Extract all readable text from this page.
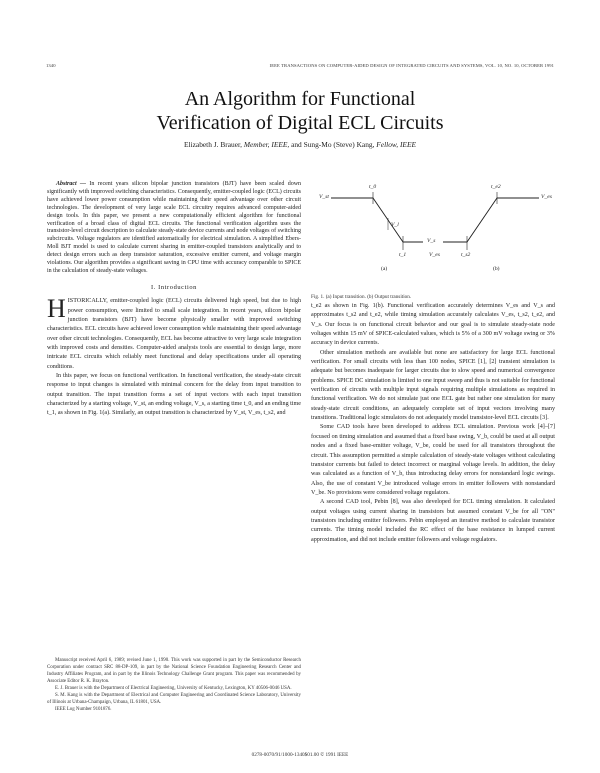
1340	IEEE TRANSACTIONS ON COMPUTER-AIDED DESIGN OF INTEGRATED CIRCUITS AND SYSTEMS, VOL. 10, NO. 10, OCTOBER 1991
An Algorithm for Functional
Verification of Digital ECL Circuits
Elizabeth J. Brauer, Member, IEEE, and Sung-Mo (Steve) Kang, Fellow, IEEE

Abstract — In recent years silicon bipolar junction transistors (BJT) have been scaled down significantly with improved switching characteristics. Consequently, emitter-coupled logic (ECL) circuits have achieved lower power consumption while maintaining their speed advantage over other circuit technologies. The development of very large scale ECL circuitry requires advanced computer-aided design tools. In this paper, we present a new computationally efficient algorithm for functional verification of a broad class of digital ECL circuits. The functional verification algorithm uses the transistor-level circuit description to calculate steady-state device currents and node voltages of switching subcircuits. Voltage regulators are identified automatically for electrical simulation. A simplified Ebers-Moll BJT model is used to calculate current sharing in emitter-coupled transistors analytically and to detect design errors such as deep transistor saturation, excessive emitter current, and voltage margin violations. Our algorithm provides a significant saving in CPU time with accuracy comparable to SPICE in the calculation of steady-state voltages.

I. Introduction

H ISTORICALLY, emitter-coupled logic (ECL) circuits delivered high speed, but due to high power consumption, were limited to small scale integration. In recent years, silicon bipolar junction transistors (BJT) have become physically smaller with improved switching characteristics. ECL circuits have achieved lower consumption while maintaining their speed advantage over other circuit technologies. Consequently, ECL has become attractive to very large scale integration with improved costs and densities. Computer-aided analysis tools are essential to design large, more intricate ECL circuits which reliably meet functional and delay specifications under all operating conditions.

In this paper, we focus on functional verification. In functional verification, the steady-state circuit response to input changes is simulated with minimal concern for the delay from input transition to output transition. The input transition forms a set of input vectors with each input transition characterized by a starting voltage, V_st, an ending voltage, V_s, a starting time t_0, and an ending time t_1, as shown in Fig. 1(a). Similarly, an output transition is characterized by V_st, V_es, t_s2, and

Manuscript received April 6, 1989; revised June 1, 1990. This work was supported in part by the Semiconductor Research Corporation under contract SRC 88-DP-109, in part by the National Science Foundation Engineering Research Center and Industry Affiliates Program, and in part by the Illinois Technology Challenge Grant program. This paper was recommended by Associate Editor R. K. Brayton.

E. J. Brauer is with the Department of Electrical Engineering, University of Kentucky, Lexington, KY 40506-0046 USA.

S. M. Kang is with the Department of Electrical and Computer Engineering and Coordinated Science Laboratory, University of Illinois at Urbana-Champaign, Urbana, IL 61801, USA.

IEEE Log Number 9101876.

V_st
t_0
V_l
V_s
t_1
(a)
V_es	t_s2
t_e2
V_es
(b)
Fig. 1. (a) Input transition. (b) Output transition.

t_e2 as shown in Fig. 1(b). Functional verification accurately determines V_es and V_s and approximates t_s2 and t_e2, while timing simulation accurately calculates V_es, t_s2, t_e2, and V_s. Our focus is on functional circuit behavior and our goal is to simulate steady-state node voltages within 15 mV of SPICE-calculated values, which is 5% of a 300 mV voltage swing or 3% accuracy in device currents.

Other simulation methods are available but none are satisfactory for large ECL functional verification. For small circuits with less than 100 nodes, SPICE [1], [2] transient simulation is adequate but becomes inadequate for larger circuits due to slow speed and numerical convergence problems. SPICE DC simulation is limited to one input sweep and thus is not suitable for functional verification of circuits with multiple input signals requiring multiple simulations as required in functional verification. We do not simulate just one ECL gate but rather one simulation for many steady-state circuit conditions, an adequately complete set of input vectors involving many transitions. Traditional logic simulators do not adequately model transistor-level ECL circuits [3].

Some CAD tools have been developed to address ECL simulation. Previous work [4]–[7] focused on timing simulation and assumed that a fixed base swing, V_b, could be used at all output nodes and a fixed base-emitter voltage, V_be, could be used for all transistors throughout the circuit. This assumption permitted a simple calculation of steady-state voltages without calculating transistor currents but failed to detect incorrect or marginal voltage levels. In addition, the delay was calculated as a function of V_b, thus introducing delay errors for nonstandard logic swings. Also, the use of constant V_be introduced voltage errors in emitter followers with nonstandard V_be. No provisions were considered voltage regulators.

A second CAD tool, Pebin [8], was also developed for ECL timing simulation. It calculated output voltages using current sharing in transistors but assumed constant V_be for all "ON" transistors including emitter followers. Pebin employed an iterative method to calculate transistor currents. The timing model included the RC effect of the base resistance in lumped current approximation, and did not include emitter followers and voltage regulators.

0278-0070/91/1000-1340$01.00 © 1991 IEEE
